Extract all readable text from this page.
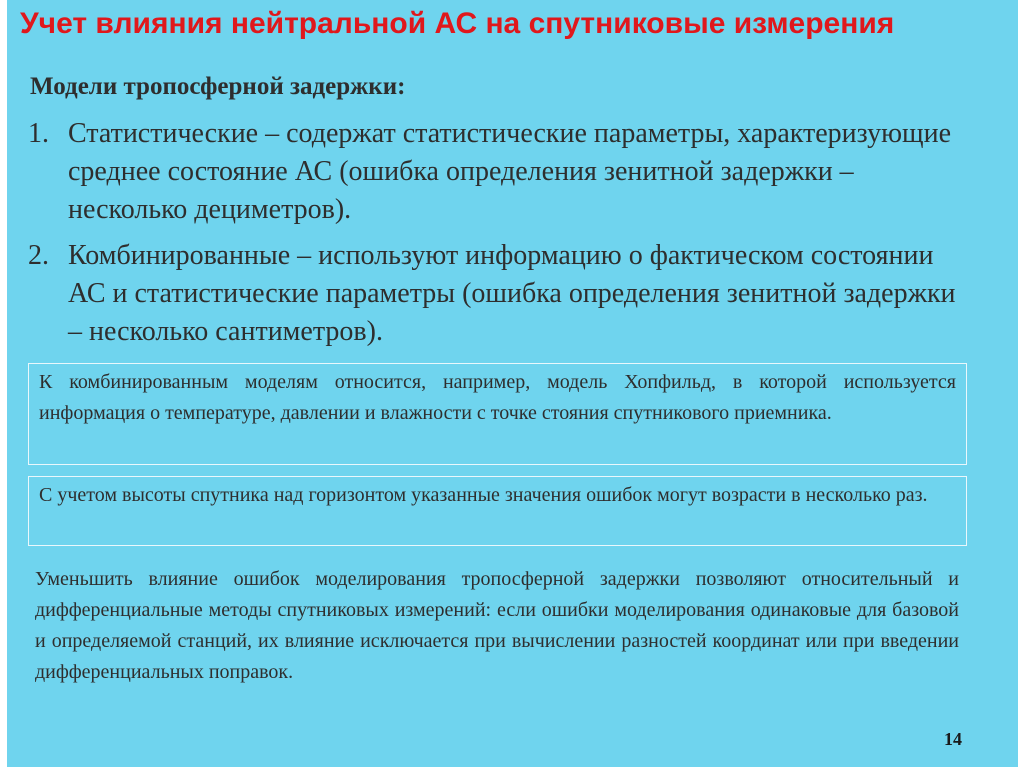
Учет влияния нейтральной АС на спутниковые измерения
Модели тропосферной задержки:
1. Статистические – содержат статистические параметры, характеризующие среднее состояние АС (ошибка определения зенитной задержки – несколько дециметров).
2. Комбинированные – используют информацию о фактическом состоянии АС и статистические параметры (ошибка определения зенитной задержки – несколько сантиметров).

К комбинированным моделям относится, например, модель Хопфильд, в которой используется информация о температуре, давлении и влажности с точке стояния спутникового приемника.

С учетом высоты спутника над горизонтом указанные значения ошибок могут возрасти в несколько раз.

Уменьшить влияние ошибок моделирования тропосферной задержки позволяют относительный и дифференциальные методы спутниковых измерений: если ошибки моделирования одинаковые для базовой и определяемой станций, их влияние исключается при вычислении разностей координат или при введении дифференциальных поправок.

14
